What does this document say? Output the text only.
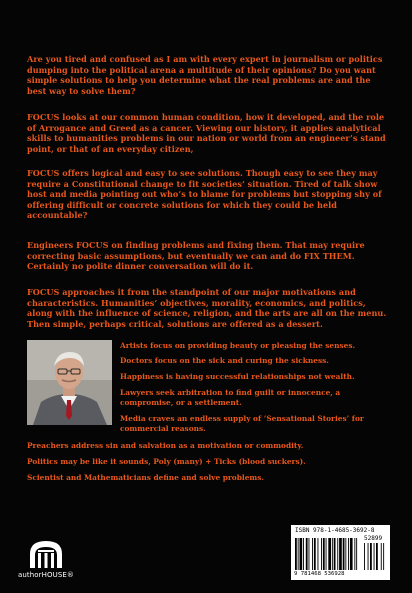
Are you tired and confused as I am with every expert in journalism or politics dumping into the political arena a multitude of their opinions? Do you want simple solutions to help you determine what the real problems are and the best way to solve them?

FOCUS looks at our common human condition, how it developed, and the role of Arrogance and Greed as a cancer. Viewing our history, it applies analytical skills to humanities problems in our nation or world from an engineer’s stand point, or that of an everyday citizen,

FOCUS offers logical and easy to see solutions. Though easy to see they may require a Constitutional change to fit societies’ situation. Tired of talk show host and media pointing out who’s to blame for problems but stopping shy of offering difficult or concrete solutions for which they could be held accountable?

Engineers FOCUS on finding problems and fixing them. That may require correcting basic assumptions, but eventually we can and do FIX THEM. Certainly no polite dinner conversation will do it.

FOCUS approaches it from the standpoint of our major motivations and characteristics. Humanities’ objectives, morality, economics, and politics, along with the influence of science, religion, and the arts are all on the menu. Then simple, perhaps critical, solutions are offered as a dessert.

Artists focus on providing beauty or pleasing the senses.

Doctors focus on the sick and curing the sickness.

Happiness is having successful relationships not wealth.

Lawyers seek arbitration to find guilt or innocence, a compromise, or a settlement.

Media craves an endless supply of ‘Sensational Stories’ for commercial reasons.

Preachers address sin and salvation as a motivation or commodity.

Politics may be like it sounds, Poly (many) + Ticks (blood suckers).

Scientist and Mathematicians define and solve problems.

authorHOUSE®
ISBN 978-1-4685-3692-8
52899
9 781468 536928
